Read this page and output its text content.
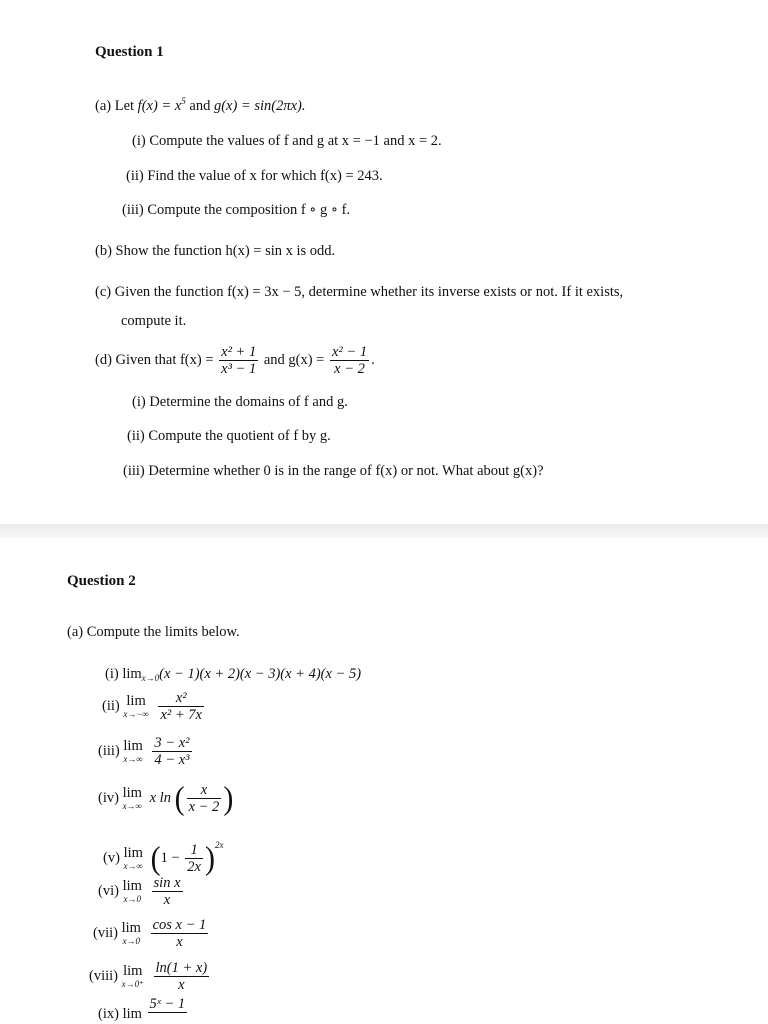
Question 1
(a) Let $f(x) = x^5$ and g(x) = sin(2πx).
(i) Compute the values of f and g at x = −1 and x = 2.
(ii) Find the value of x for which f(x) = 243.
(iii) Compute the composition f ∘ g ∘ f.
(b) Show the function h(x) = sin x is odd.
(c) Given the function f(x) = 3x − 5, determine whether its inverse exists or not. If it exists,
compute it.
(d) Given that $f(x) = \frac{\text{x² + 1}}{\text{x³ − 1}}$ and $g(x) = \frac{\text{x² − 1}}{x - 2}$ .
(i) Determine the domains of f and g.
(ii) Compute the quotient of f by g.
(iii) Determine whether 0 is in the range of f(x) or not. What about g(x)?
Question 2
(a) Compute the limits below.
(i) $\lim_{x\to 0}(x - 1)(x + 2)(x - 3)(x + 4)(x - 5)$
(ii) lim
x→−∞
$\frac{\text{x²}}{\text{x² + 7x}}$
(iii) lim
x→∞
$\frac{\text{3 − x²}}{\text{4 − x³}}$
(iv) lim
x→∞
x ln ( $\frac{x}{x - 2}$ )
(v) lim
x→∞ $(1 - \frac{1}{2x} )^{2x}$
(vi) lim
x→0
$\frac{\text{sin x}}{x}$
(vii) lim
x→0
$\frac{\text{cos x − 1}}{x}$
(viii) lim
x→0⁺
$\frac{\ln(1 + x)}{x}$
(ix) lim
5ˣ − 1
